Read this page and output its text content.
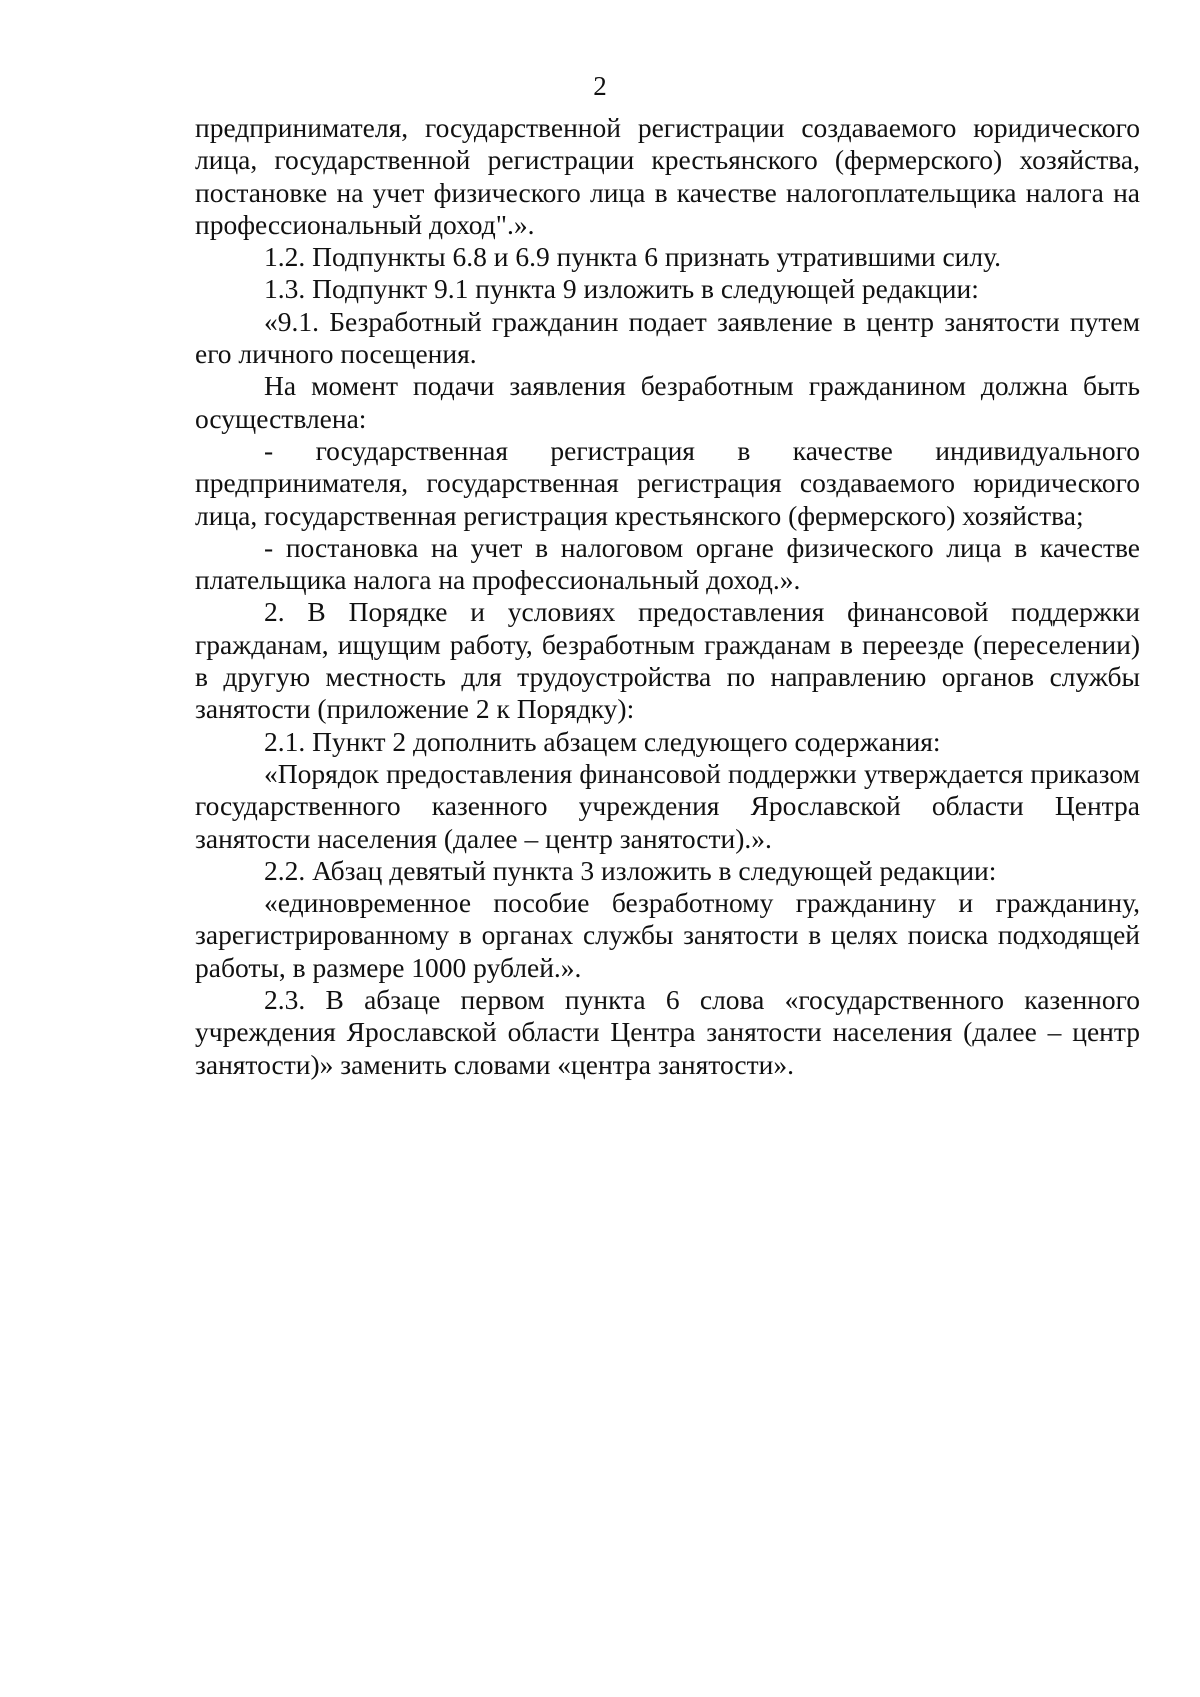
2

предпринимателя, государственной регистрации создаваемого юридического лица, государственной регистрации крестьянского (фермерского) хозяйства, постановке на учет физического лица в качестве налогоплательщика налога на профессиональный доход".».

1.2. Подпункты 6.8 и 6.9 пункта 6 признать утратившими силу.

1.3. Подпункт 9.1 пункта 9 изложить в следующей редакции:

«9.1. Безработный гражданин подает заявление в центр занятости путем его личного посещения.

На момент подачи заявления безработным гражданином должна быть осуществлена:

- государственная регистрация в качестве индивидуального предпринимателя, государственная регистрация создаваемого юридического лица, государственная регистрация крестьянского (фермерского) хозяйства;

- постановка на учет в налоговом органе физического лица в качестве плательщика налога на профессиональный доход.».

2. В Порядке и условиях предоставления финансовой поддержки гражданам, ищущим работу, безработным гражданам в переезде (переселении) в другую местность для трудоустройства по направлению органов службы занятости (приложение 2 к Порядку):

2.1. Пункт 2 дополнить абзацем следующего содержания:

«Порядок предоставления финансовой поддержки утверждается приказом государственного казенного учреждения Ярославской области Центра занятости населения (далее – центр занятости).».

2.2. Абзац девятый пункта 3 изложить в следующей редакции:

«единовременное пособие безработному гражданину и гражданину, зарегистрированному в органах службы занятости в целях поиска подходящей работы, в размере 1000 рублей.».

2.3. В абзаце первом пункта 6 слова «государственного казенного учреждения Ярославской области Центра занятости населения (далее – центр занятости)» заменить словами «центра занятости».
